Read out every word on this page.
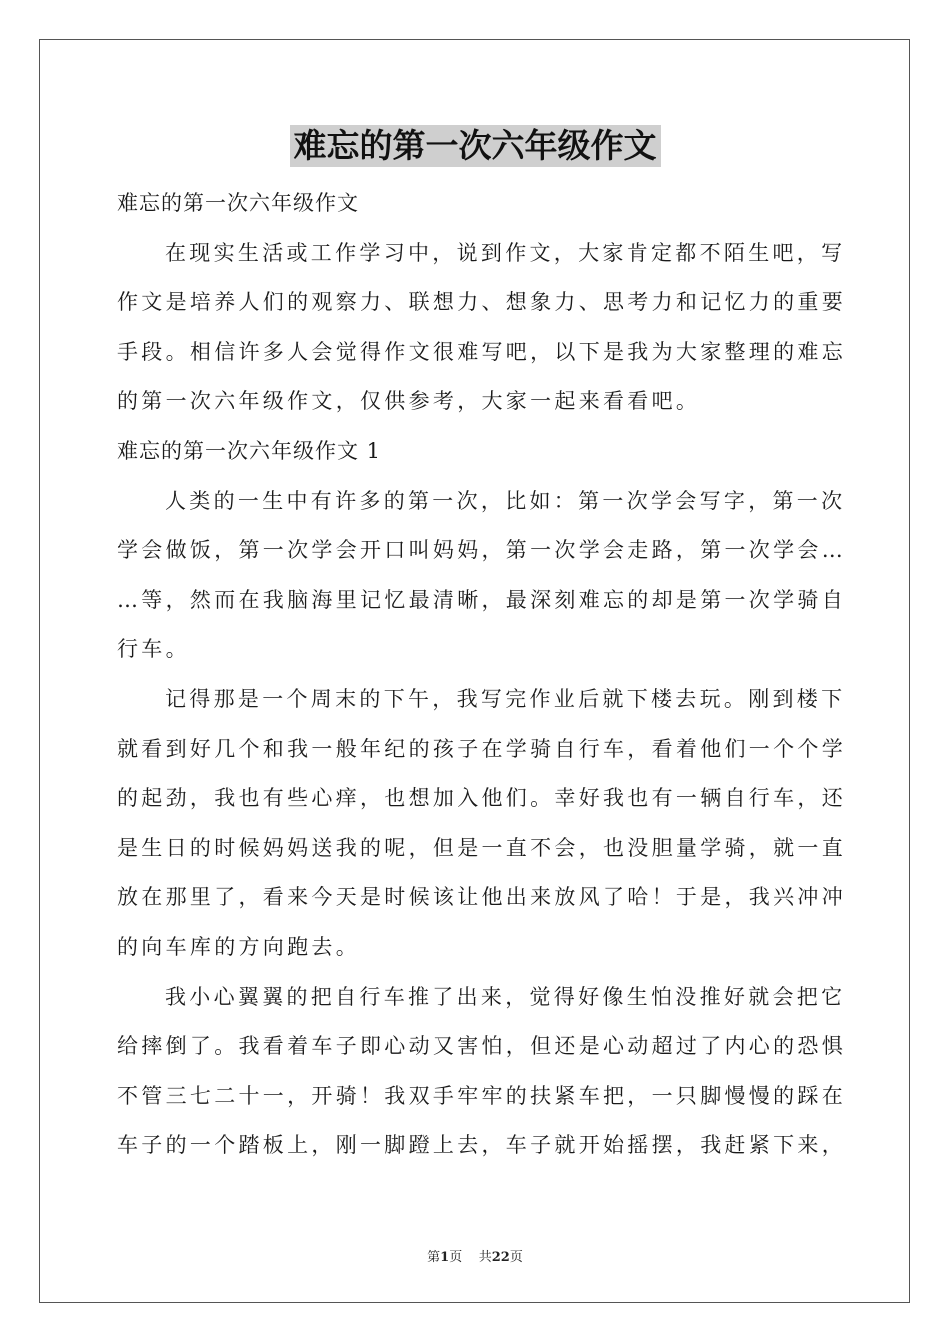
难忘的第一次六年级作文

难忘的第一次六年级作文

在现实生活或工作学习中，说到作文，大家肯定都不陌生吧，写
作文是培养人们的观察力、联想力、想象力、思考力和记忆力的重要
手段。相信许多人会觉得作文很难写吧，以下是我为大家整理的难忘
的第一次六年级作文，仅供参考，大家一起来看看吧。

难忘的第一次六年级作文 1

人类的一生中有许多的第一次，比如：第一次学会写字，第一次
学会做饭，第一次学会开口叫妈妈，第一次学会走路，第一次学会…
…等，然而在我脑海里记忆最清晰，最深刻难忘的却是第一次学骑自
行车。
记得那是一个周末的下午，我写完作业后就下楼去玩。刚到楼下
就看到好几个和我一般年纪的孩子在学骑自行车，看着他们一个个学
的起劲，我也有些心痒，也想加入他们。幸好我也有一辆自行车，还
是生日的时候妈妈送我的呢，但是一直不会，也没胆量学骑，就一直
放在那里了，看来今天是时候该让他出来放风了哈！于是，我兴冲冲
的向车库的方向跑去。
我小心翼翼的把自行车推了出来，觉得好像生怕没推好就会把它
给摔倒了。我看着车子即心动又害怕，但还是心动超过了内心的恐惧
不管三七二十一，开骑！我双手牢牢的扶紧车把，一只脚慢慢的踩在
车子的一个踏板上，刚一脚蹬上去，车子就开始摇摆，我赶紧下来，
第1页 共22页
